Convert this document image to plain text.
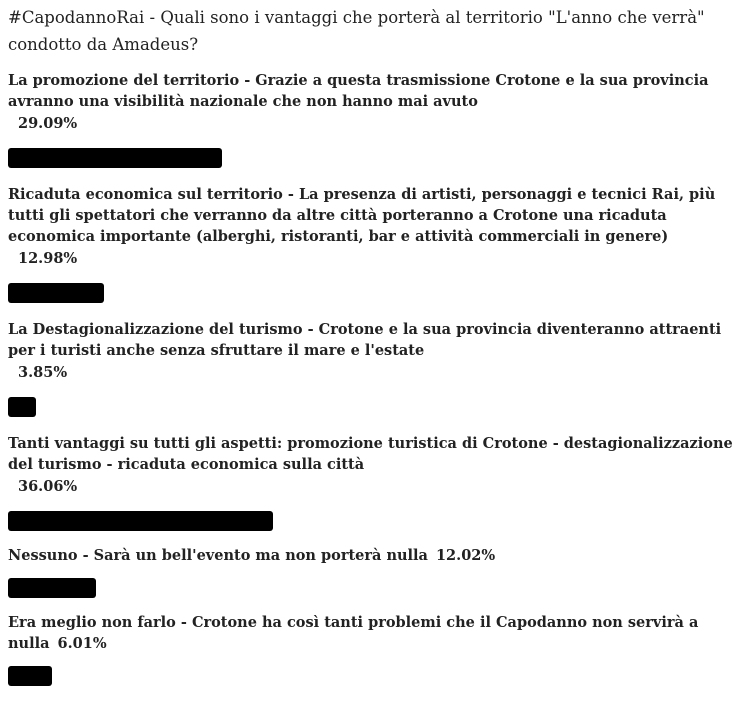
#CapodannoRai - Quali sono i vantaggi che porterà al territorio "L'anno che verrà" condotto da Amadeus?
La promozione del territorio - Grazie a questa trasmissione Crotone e la sua provincia avranno una visibilità nazionale che non hanno mai avuto
29.09%
Ricaduta economica sul territorio - La presenza di artisti, personaggi e tecnici Rai, più tutti gli spettatori che verranno da altre città porteranno a Crotone una ricaduta economica importante (alberghi, ristoranti, bar e attività commerciali in genere)
12.98%
La Destagionalizzazione del turismo - Crotone e la sua provincia diventeranno attraenti per i turisti anche senza sfruttare il mare e l'estate
3.85%
Tanti vantaggi su tutti gli aspetti: promozione turistica di Crotone - destagionalizzazione del turismo - ricaduta economica sulla città
36.06%
Nessuno - Sarà un bell'evento ma non porterà nulla 12.02%
Era meglio non farlo - Crotone ha così tanti problemi che il Capodanno non servirà a nulla 6.01%
